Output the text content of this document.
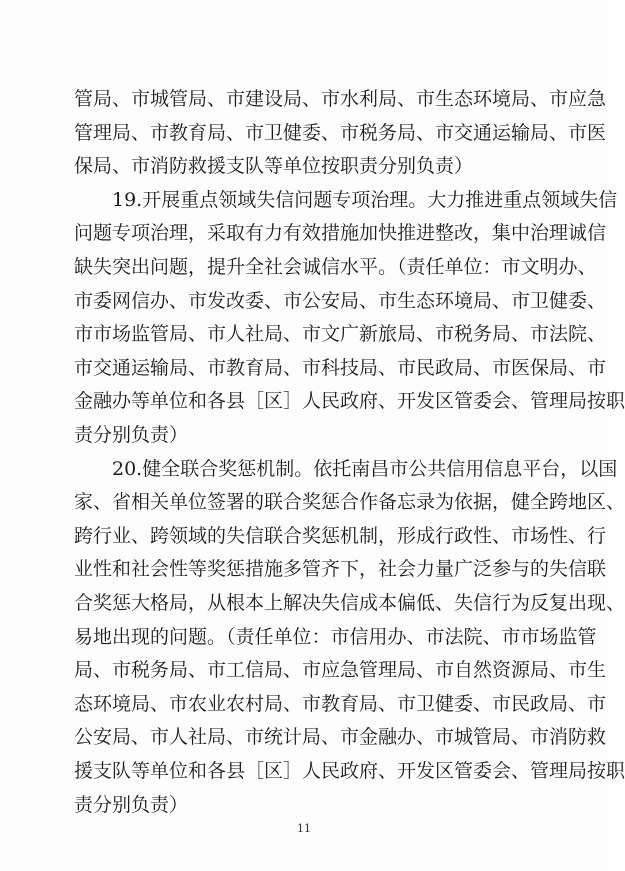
管局、市城管局、市建设局、市水利局、市生态环境局、市应急
管理局、市教育局、市卫健委、市税务局、市交通运输局、市医
保局、市消防救援支队等单位按职责分别负责）
19.开展重点领域失信问题专项治理。大力推进重点领域失信
问题专项治理，采取有力有效措施加快推进整改，集中治理诚信
缺失突出问题，提升全社会诚信水平。（责任单位：市文明办、
市委网信办、市发改委、市公安局、市生态环境局、市卫健委、
市市场监管局、市人社局、市文广新旅局、市税务局、市法院、
市交通运输局、市教育局、市科技局、市民政局、市医保局、市
金融办等单位和各县［区］人民政府、开发区管委会、管理局按职
责分别负责）
20.健全联合奖惩机制。依托南昌市公共信用信息平台，以国
家、省相关单位签署的联合奖惩合作备忘录为依据，健全跨地区、
跨行业、跨领域的失信联合奖惩机制，形成行政性、市场性、行
业性和社会性等奖惩措施多管齐下，社会力量广泛参与的失信联
合奖惩大格局，从根本上解决失信成本偏低、失信行为反复出现、
易地出现的问题。（责任单位：市信用办、市法院、市市场监管
局、市税务局、市工信局、市应急管理局、市自然资源局、市生
态环境局、市农业农村局、市教育局、市卫健委、市民政局、市
公安局、市人社局、市统计局、市金融办、市城管局、市消防救
11
援支队等单位和各县［区］人民政府、开发区管委会、管理局按职
责分别负责）
